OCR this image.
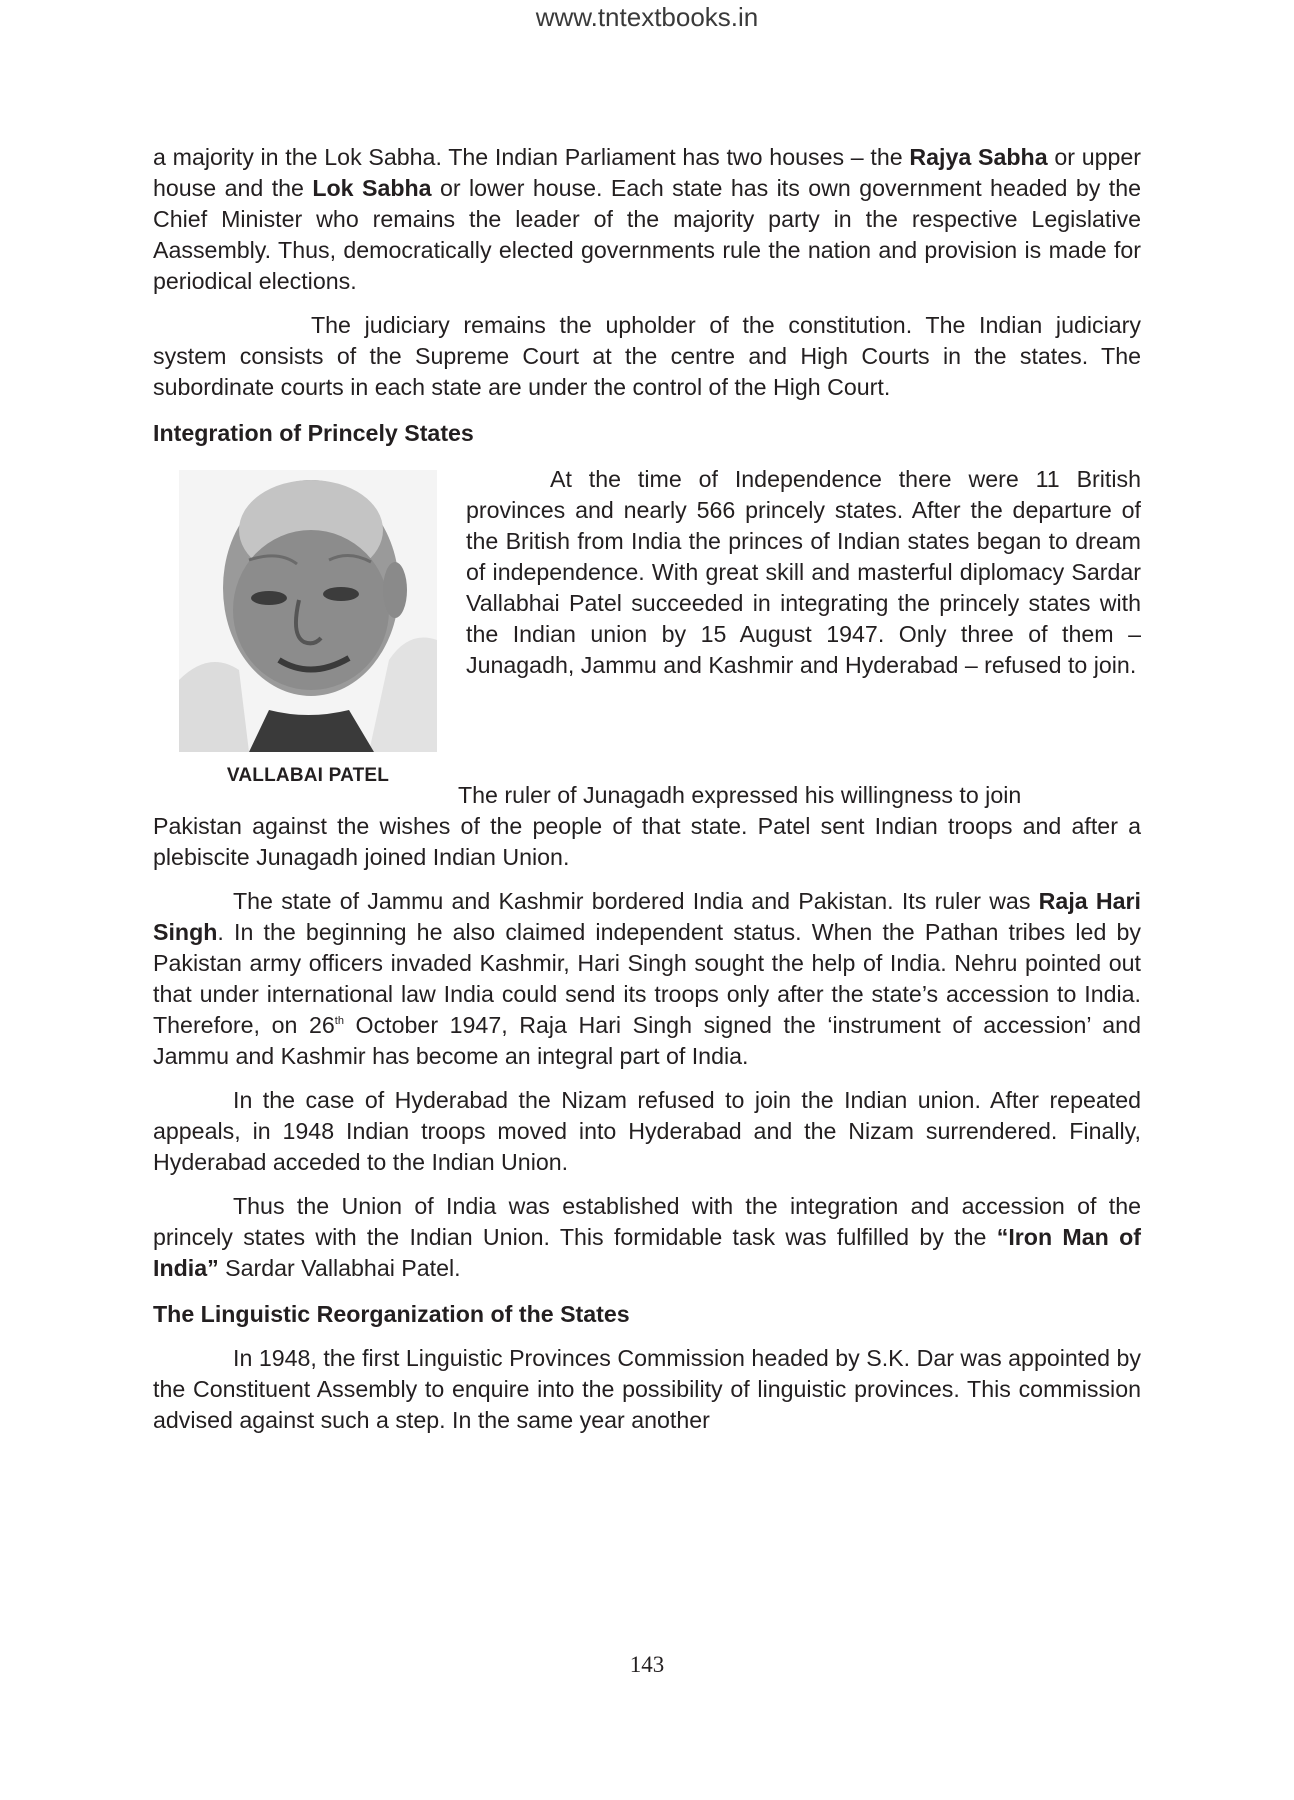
www.tntextbooks.in

a majority in the Lok Sabha. The Indian Parliament has two houses – the Rajya Sabha or upper house and the Lok Sabha or lower house. Each state has its own government headed by the Chief Minister who remains the leader of the majority party in the respective Legislative Aassembly. Thus, democratically elected governments rule the nation and provision is made for periodical elections.

The judiciary remains the upholder of the constitution. The Indian judiciary system consists of the Supreme Court at the centre and High Courts in the states. The subordinate courts in each state are under the control of the High Court.

Integration of Princely States
VALLABAI PATEL

At the time of Independence there were 11 British provinces and nearly 566 princely states. After the departure of the British from India the princes of Indian states began to dream of independence. With great skill and masterful diplomacy Sardar Vallabhai Patel succeeded in integrating the princely states with the Indian union by 15 August 1947. Only three of them – Junagadh, Jammu and Kashmir and Hyderabad – refused to join.

The ruler of Junagadh expressed his willingness to join

Pakistan against the wishes of the people of that state. Patel sent Indian troops and after a plebiscite Junagadh joined Indian Union.

The state of Jammu and Kashmir bordered India and Pakistan. Its ruler was Raja Hari Singh. In the beginning he also claimed independent status. When the Pathan tribes led by Pakistan army officers invaded Kashmir, Hari Singh sought the help of India. Nehru pointed out that under international law India could send its troops only after the state’s accession to India. Therefore, on 26th October 1947, Raja Hari Singh signed the ‘instrument of accession’ and Jammu and Kashmir has become an integral part of India.

In the case of Hyderabad the Nizam refused to join the Indian union. After repeated appeals, in 1948 Indian troops moved into Hyderabad and the Nizam surrendered. Finally, Hyderabad acceded to the Indian Union.

Thus the Union of India was established with the integration and accession of the princely states with the Indian Union. This formidable task was fulfilled by the “Iron Man of India” Sardar Vallabhai Patel.

The Linguistic Reorganization of the States

In 1948, the first Linguistic Provinces Commission headed by S.K. Dar was appointed by the Constituent Assembly to enquire into the possibility of linguistic provinces. This commission advised against such a step. In the same year another

143
